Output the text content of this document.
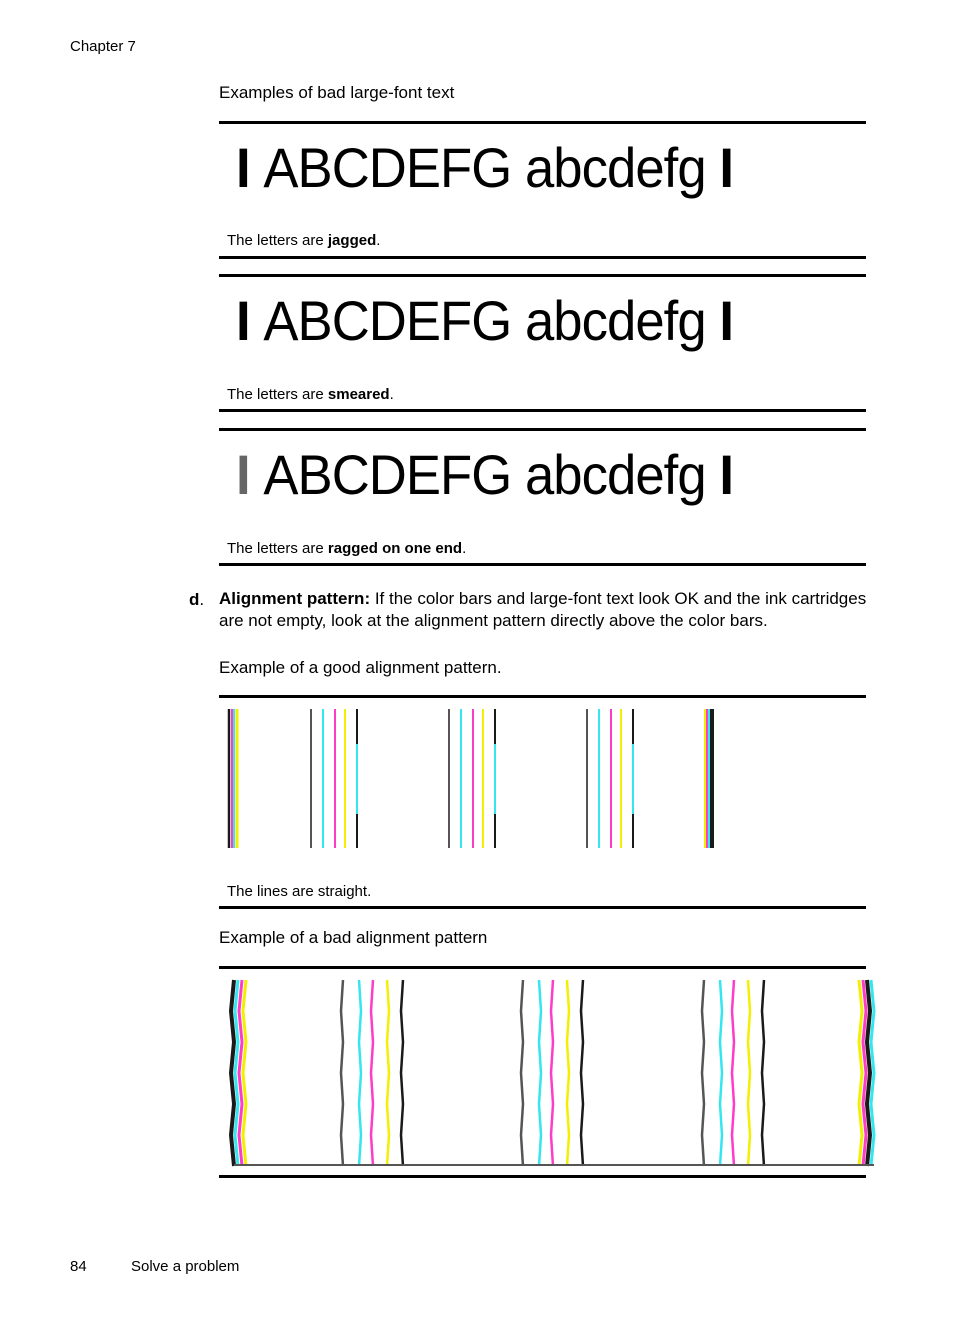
Chapter 7
Examples of bad large-font text
I ABCDEFG abcdefg I
The letters are jagged.
I ABCDEFG abcdefg I
The letters are smeared.
I ABCDEFG abcdefg I
The letters are ragged on one end.
d. Alignment pattern: If the color bars and large-font text look OK and the ink cartridges are not empty, look at the alignment pattern directly above the color bars.
Example of a good alignment pattern.
The lines are straight.
Example of a bad alignment pattern
84	Solve a problem
